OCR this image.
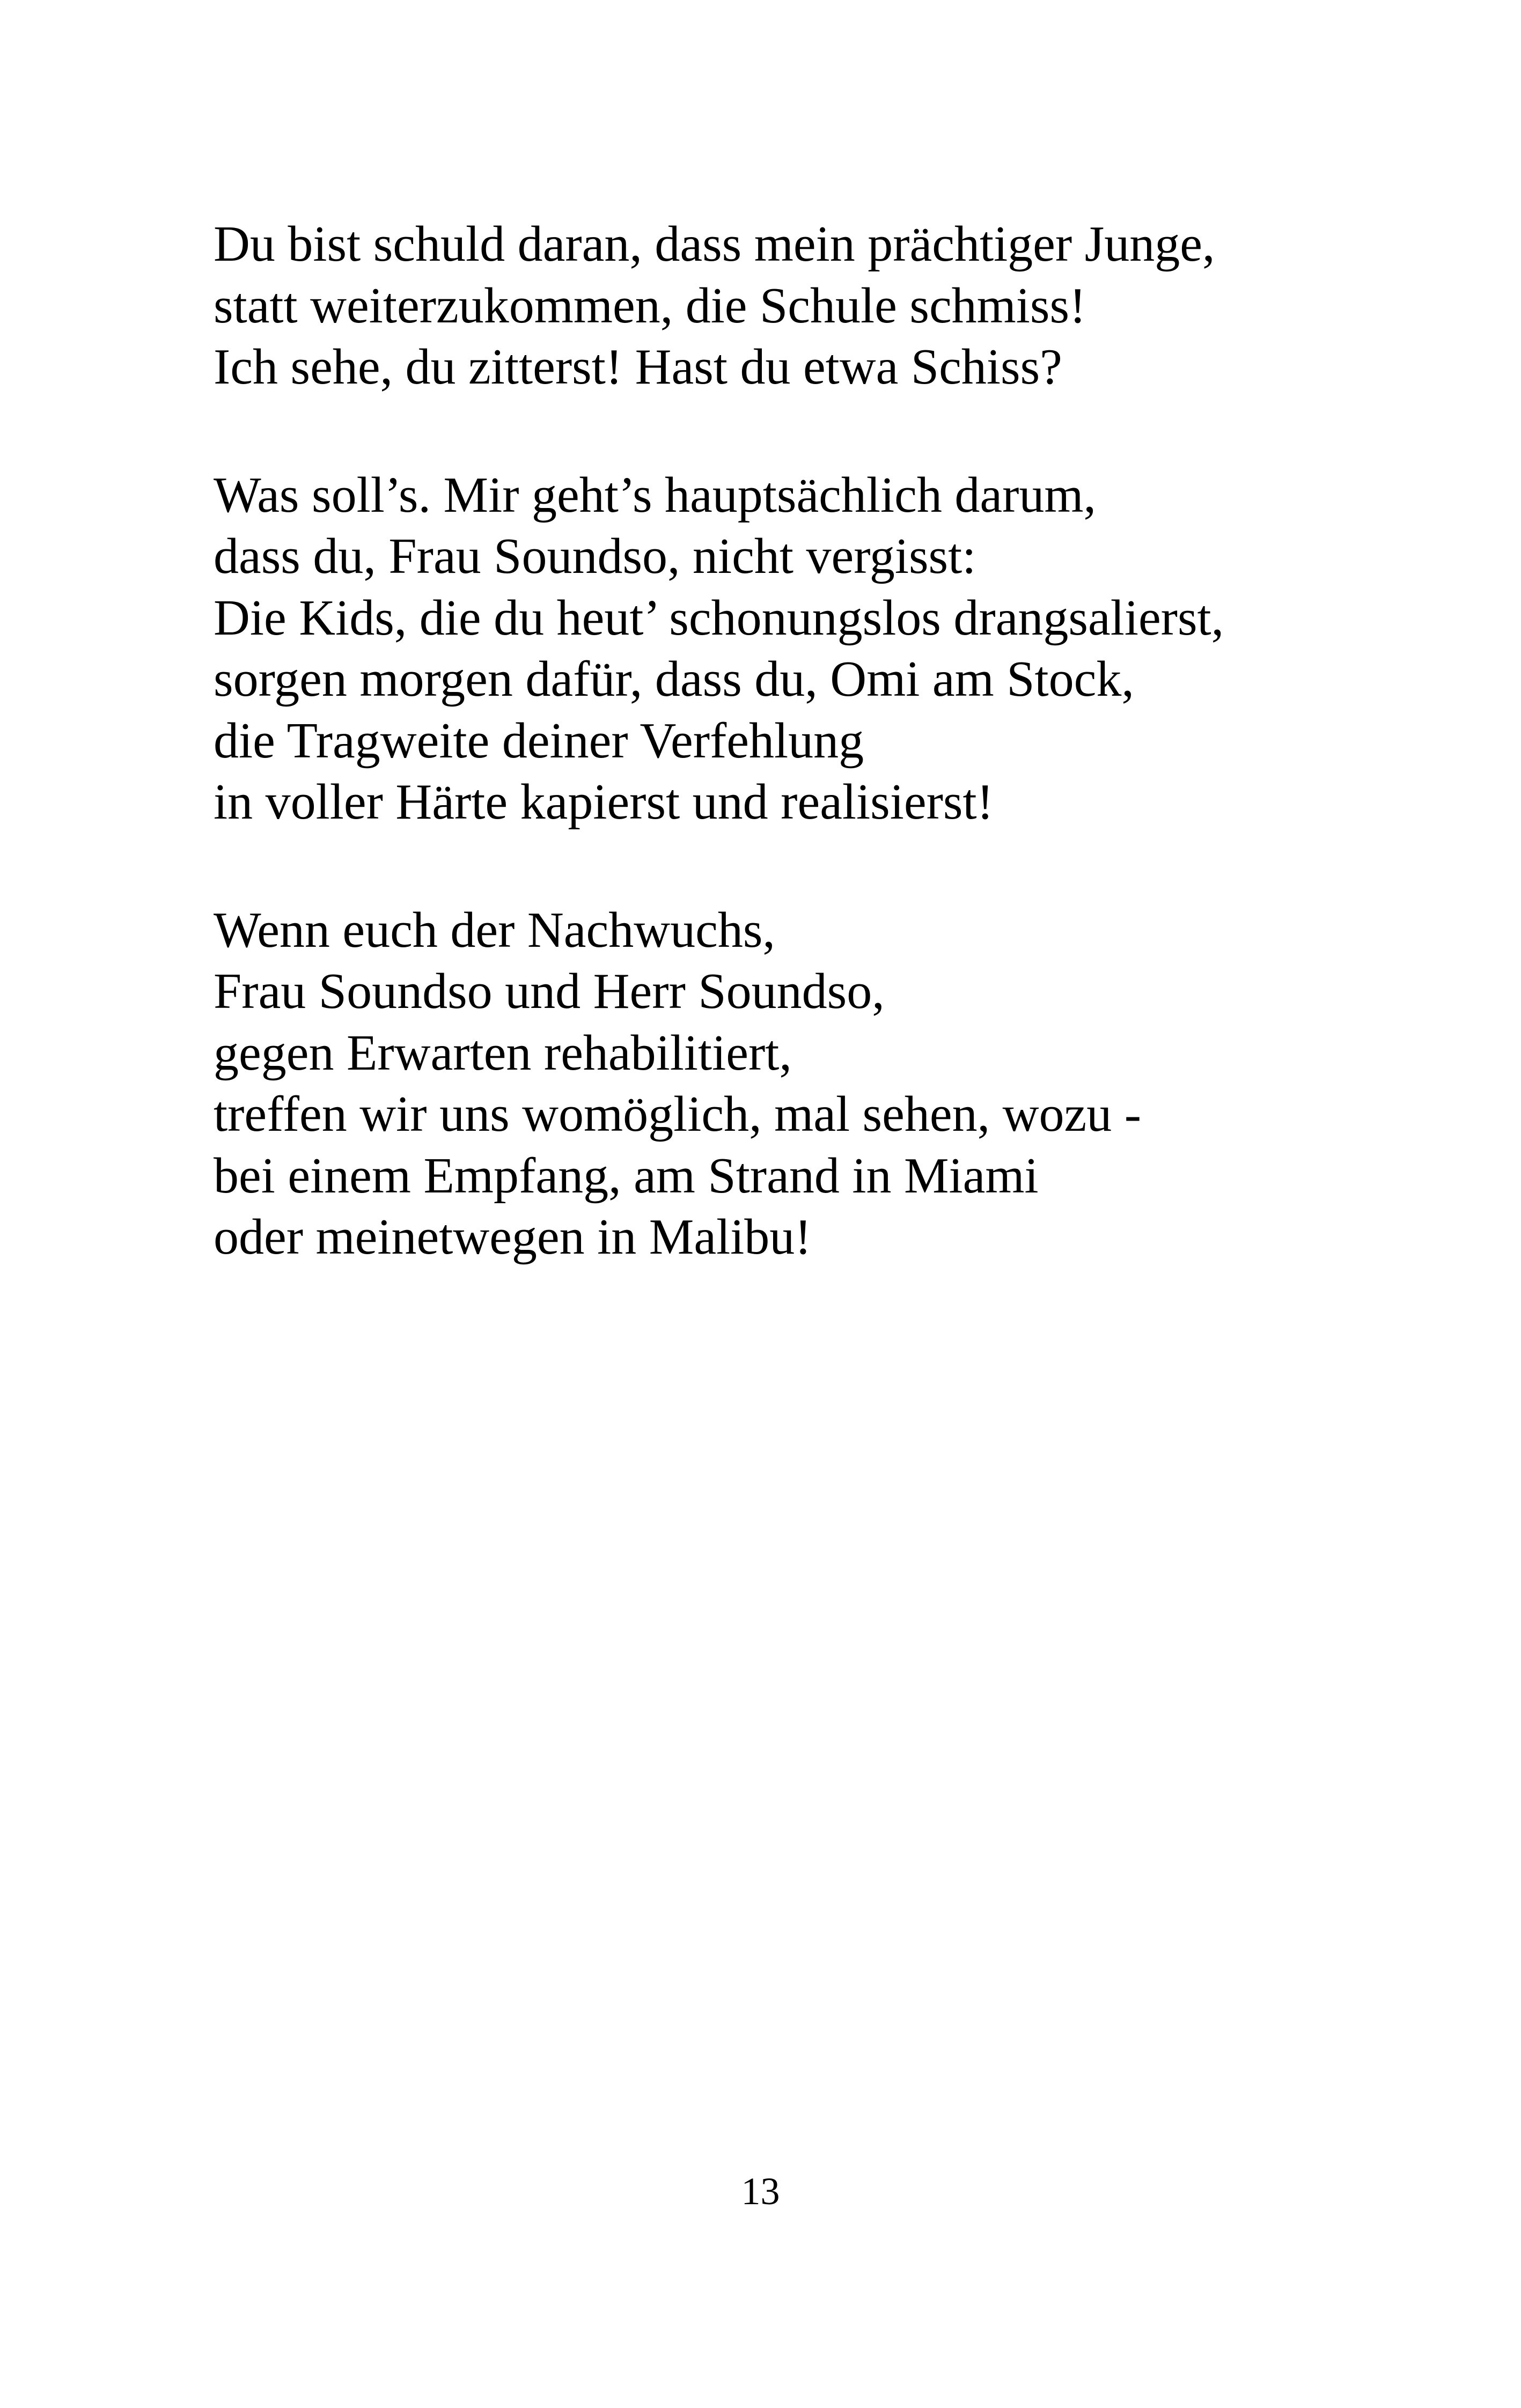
Du bist schuld daran, dass mein prächtiger Junge,
statt weiterzukommen, die Schule schmiss!
Ich sehe, du zitterst! Hast du etwa Schiss?
Was soll’s. Mir geht’s hauptsächlich darum,
dass du, Frau Soundso, nicht vergisst:
Die Kids, die du heut’ schonungslos drangsalierst,
sorgen morgen dafür, dass du, Omi am Stock,
die Tragweite deiner Verfehlung
in voller Härte kapierst und realisierst!
Wenn euch der Nachwuchs,
Frau Soundso und Herr Soundso,
gegen Erwarten rehabilitiert,
treffen wir uns womöglich, mal sehen, wozu -
bei einem Empfang, am Strand in Miami
oder meinetwegen in Malibu!
13
